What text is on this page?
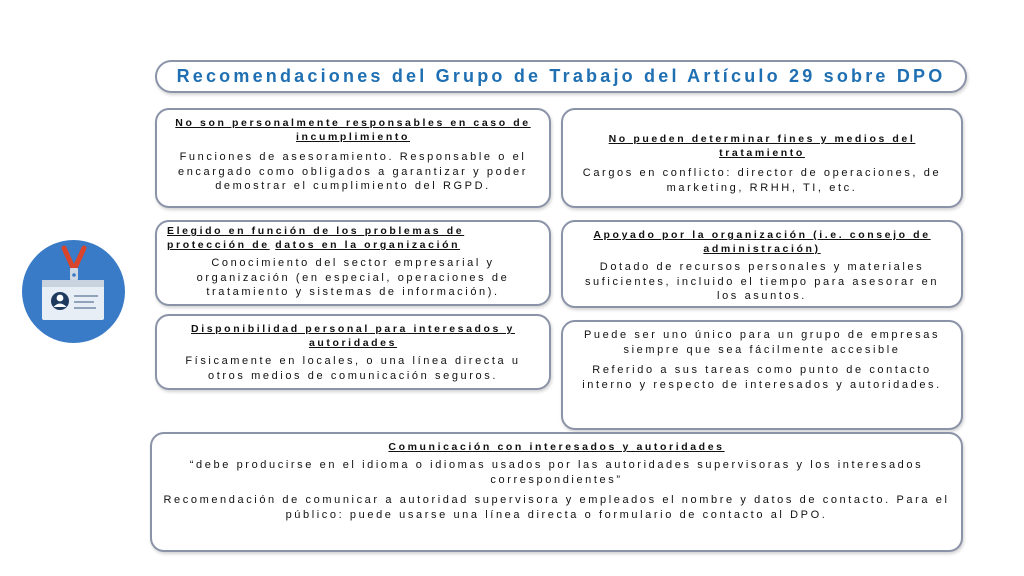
Recomendaciones del Grupo de Trabajo del Artículo 29 sobre DPO

No son personalmente responsables en caso de incumplimiento

Funciones de asesoramiento. Responsable o el encargado como obligados a garantizar y poder demostrar el cumplimiento del RGPD.

No pueden determinar fines y medios del tratamiento

Cargos en conflicto: director de operaciones, de marketing, RRHH, TI, etc.

Elegido en función de los problemas de protección de datos en la organización

Conocimiento del sector empresarial y organización (en especial, operaciones de tratamiento y sistemas de información).

Apoyado por la organización (i.e. consejo de administración)

Dotado de recursos personales y materiales suficientes, incluido el tiempo para asesorar en los asuntos.

Disponibilidad personal para interesados y autoridades

Físicamente en locales, o una línea directa u otros medios de comunicación seguros.

Puede ser uno único para un grupo de empresas siempre que sea fácilmente accesible

Referido a sus tareas como punto de contacto interno y respecto de interesados y autoridades.

Comunicación con interesados y autoridades

“debe producirse en el idioma o idiomas usados por las autoridades supervisoras y los interesados correspondientes”

Recomendación de comunicar a autoridad supervisora y empleados el nombre y datos de contacto. Para el público: puede usarse una línea directa o formulario de contacto al DPO.
